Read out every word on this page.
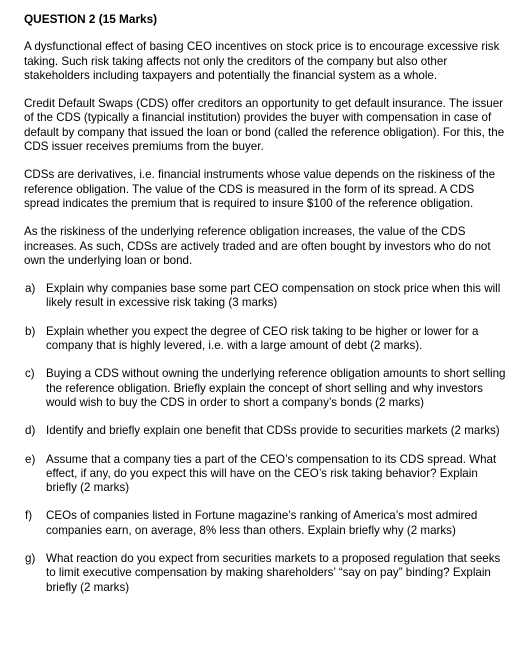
QUESTION 2 (15 Marks)

A dysfunctional effect of basing CEO incentives on stock price is to encourage excessive risk taking. Such risk taking affects not only the creditors of the company but also other stakeholders including taxpayers and potentially the financial system as a whole.

Credit Default Swaps (CDS) offer creditors an opportunity to get default insurance. The issuer of the CDS (typically a financial institution) provides the buyer with compensation in case of default by company that issued the loan or bond (called the reference obligation). For this, the CDS issuer receives premiums from the buyer.

CDSs are derivatives, i.e. financial instruments whose value depends on the riskiness of the reference obligation. The value of the CDS is measured in the form of its spread. A CDS spread indicates the premium that is required to insure $100 of the reference obligation.

As the riskiness of the underlying reference obligation increases, the value of the CDS increases. As such, CDSs are actively traded and are often bought by investors who do not own the underlying loan or bond.

a) Explain why companies base some part CEO compensation on stock price when this will likely result in excessive risk taking (3 marks)
b) Explain whether you expect the degree of CEO risk taking to be higher or lower for a company that is highly levered, i.e. with a large amount of debt (2 marks).
c) Buying a CDS without owning the underlying reference obligation amounts to short selling the reference obligation. Briefly explain the concept of short selling and why investors would wish to buy the CDS in order to short a company’s bonds (2 marks)
d) Identify and briefly explain one benefit that CDSs provide to securities markets (2 marks)
e) Assume that a company ties a part of the CEO’s compensation to its CDS spread. What effect, if any, do you expect this will have on the CEO’s risk taking behavior? Explain briefly (2 marks)
f)	CEOs of companies listed in Fortune magazine’s ranking of America’s most admired companies earn, on average, 8% less than others. Explain briefly why (2 marks)
g) What reaction do you expect from securities markets to a proposed regulation that seeks to limit executive compensation by making shareholders’ “say on pay” binding? Explain briefly (2 marks)
